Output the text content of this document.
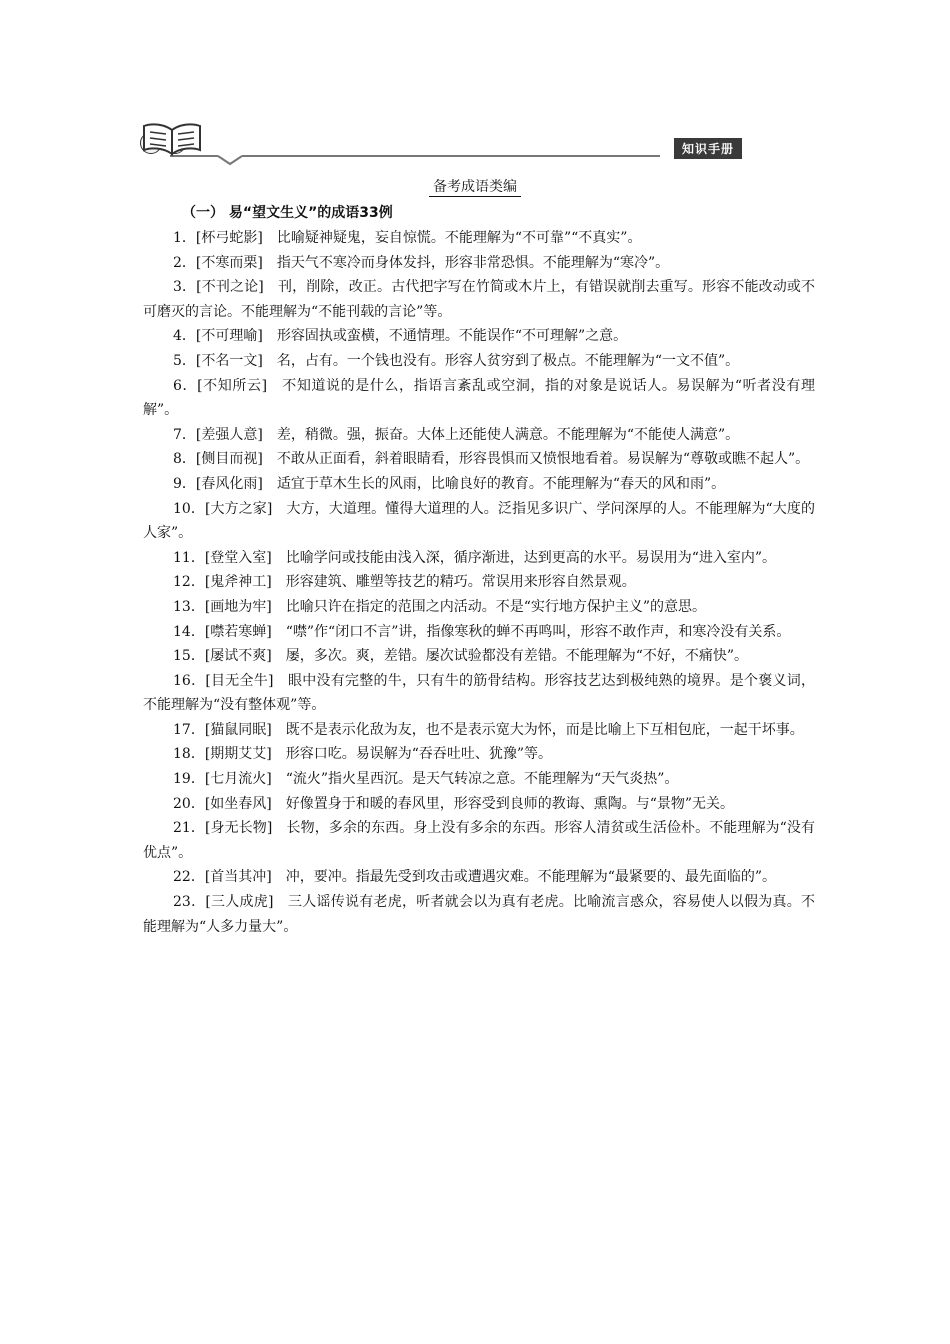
知识手册
备考成语类编
（一） 易“望文生义”的成语33例

1．[杯弓蛇影]　比喻疑神疑鬼，妄自惊慌。不能理解为“不可靠”“不真实”。

2．[不寒而栗]　指天气不寒冷而身体发抖，形容非常恐惧。不能理解为“寒冷”。

3．[不刊之论]　刊，削除，改正。古代把字写在竹简或木片上，有错误就削去重写。形容不能改动或不可磨灭的言论。不能理解为“不能刊载的言论”等。

4．[不可理喻]　形容固执或蛮横，不通情理。不能误作“不可理解”之意。

5．[不名一文]　名，占有。一个钱也没有。形容人贫穷到了极点。不能理解为“一文不值”。

6．[不知所云]　不知道说的是什么，指语言紊乱或空洞，指的对象是说话人。易误解为“听者没有理解”。

7．[差强人意]　差，稍微。强，振奋。大体上还能使人满意。不能理解为“不能使人满意”。

8．[侧目而视]　不敢从正面看，斜着眼睛看，形容畏惧而又愤恨地看着。易误解为“尊敬或瞧不起人”。

9．[春风化雨]　适宜于草木生长的风雨，比喻良好的教育。不能理解为“春天的风和雨”。

10．[大方之家]　大方，大道理。懂得大道理的人。泛指见多识广、学问深厚的人。不能理解为“大度的人家”。

11．[登堂入室]　比喻学问或技能由浅入深，循序渐进，达到更高的水平。易误用为“进入室内”。

12．[鬼斧神工]　形容建筑、雕塑等技艺的精巧。常误用来形容自然景观。

13．[画地为牢]　比喻只许在指定的范围之内活动。不是“实行地方保护主义”的意思。

14．[噤若寒蝉]　“噤”作“闭口不言”讲，指像寒秋的蝉不再鸣叫，形容不敢作声，和寒冷没有关系。

15．[屡试不爽]　屡，多次。爽，差错。屡次试验都没有差错。不能理解为“不好，不痛快”。

16．[目无全牛]　眼中没有完整的牛，只有牛的筋骨结构。形容技艺达到极纯熟的境界。是个褒义词，不能理解为“没有整体观”等。

17．[猫鼠同眠]　既不是表示化敌为友，也不是表示宽大为怀，而是比喻上下互相包庇，一起干坏事。

18．[期期艾艾]　形容口吃。易误解为“吞吞吐吐、犹豫”等。

19．[七月流火]　“流火”指火星西沉。是天气转凉之意。不能理解为“天气炎热”。

20．[如坐春风]　好像置身于和暖的春风里，形容受到良师的教诲、熏陶。与“景物”无关。

21．[身无长物]　长物，多余的东西。身上没有多余的东西。形容人清贫或生活俭朴。不能理解为“没有优点”。

22．[首当其冲]　冲，要冲。指最先受到攻击或遭遇灾难。不能理解为“最紧要的、最先面临的”。

23．[三人成虎]　三人谣传说有老虎，听者就会以为真有老虎。比喻流言惑众，容易使人以假为真。不能理解为“人多力量大”。
